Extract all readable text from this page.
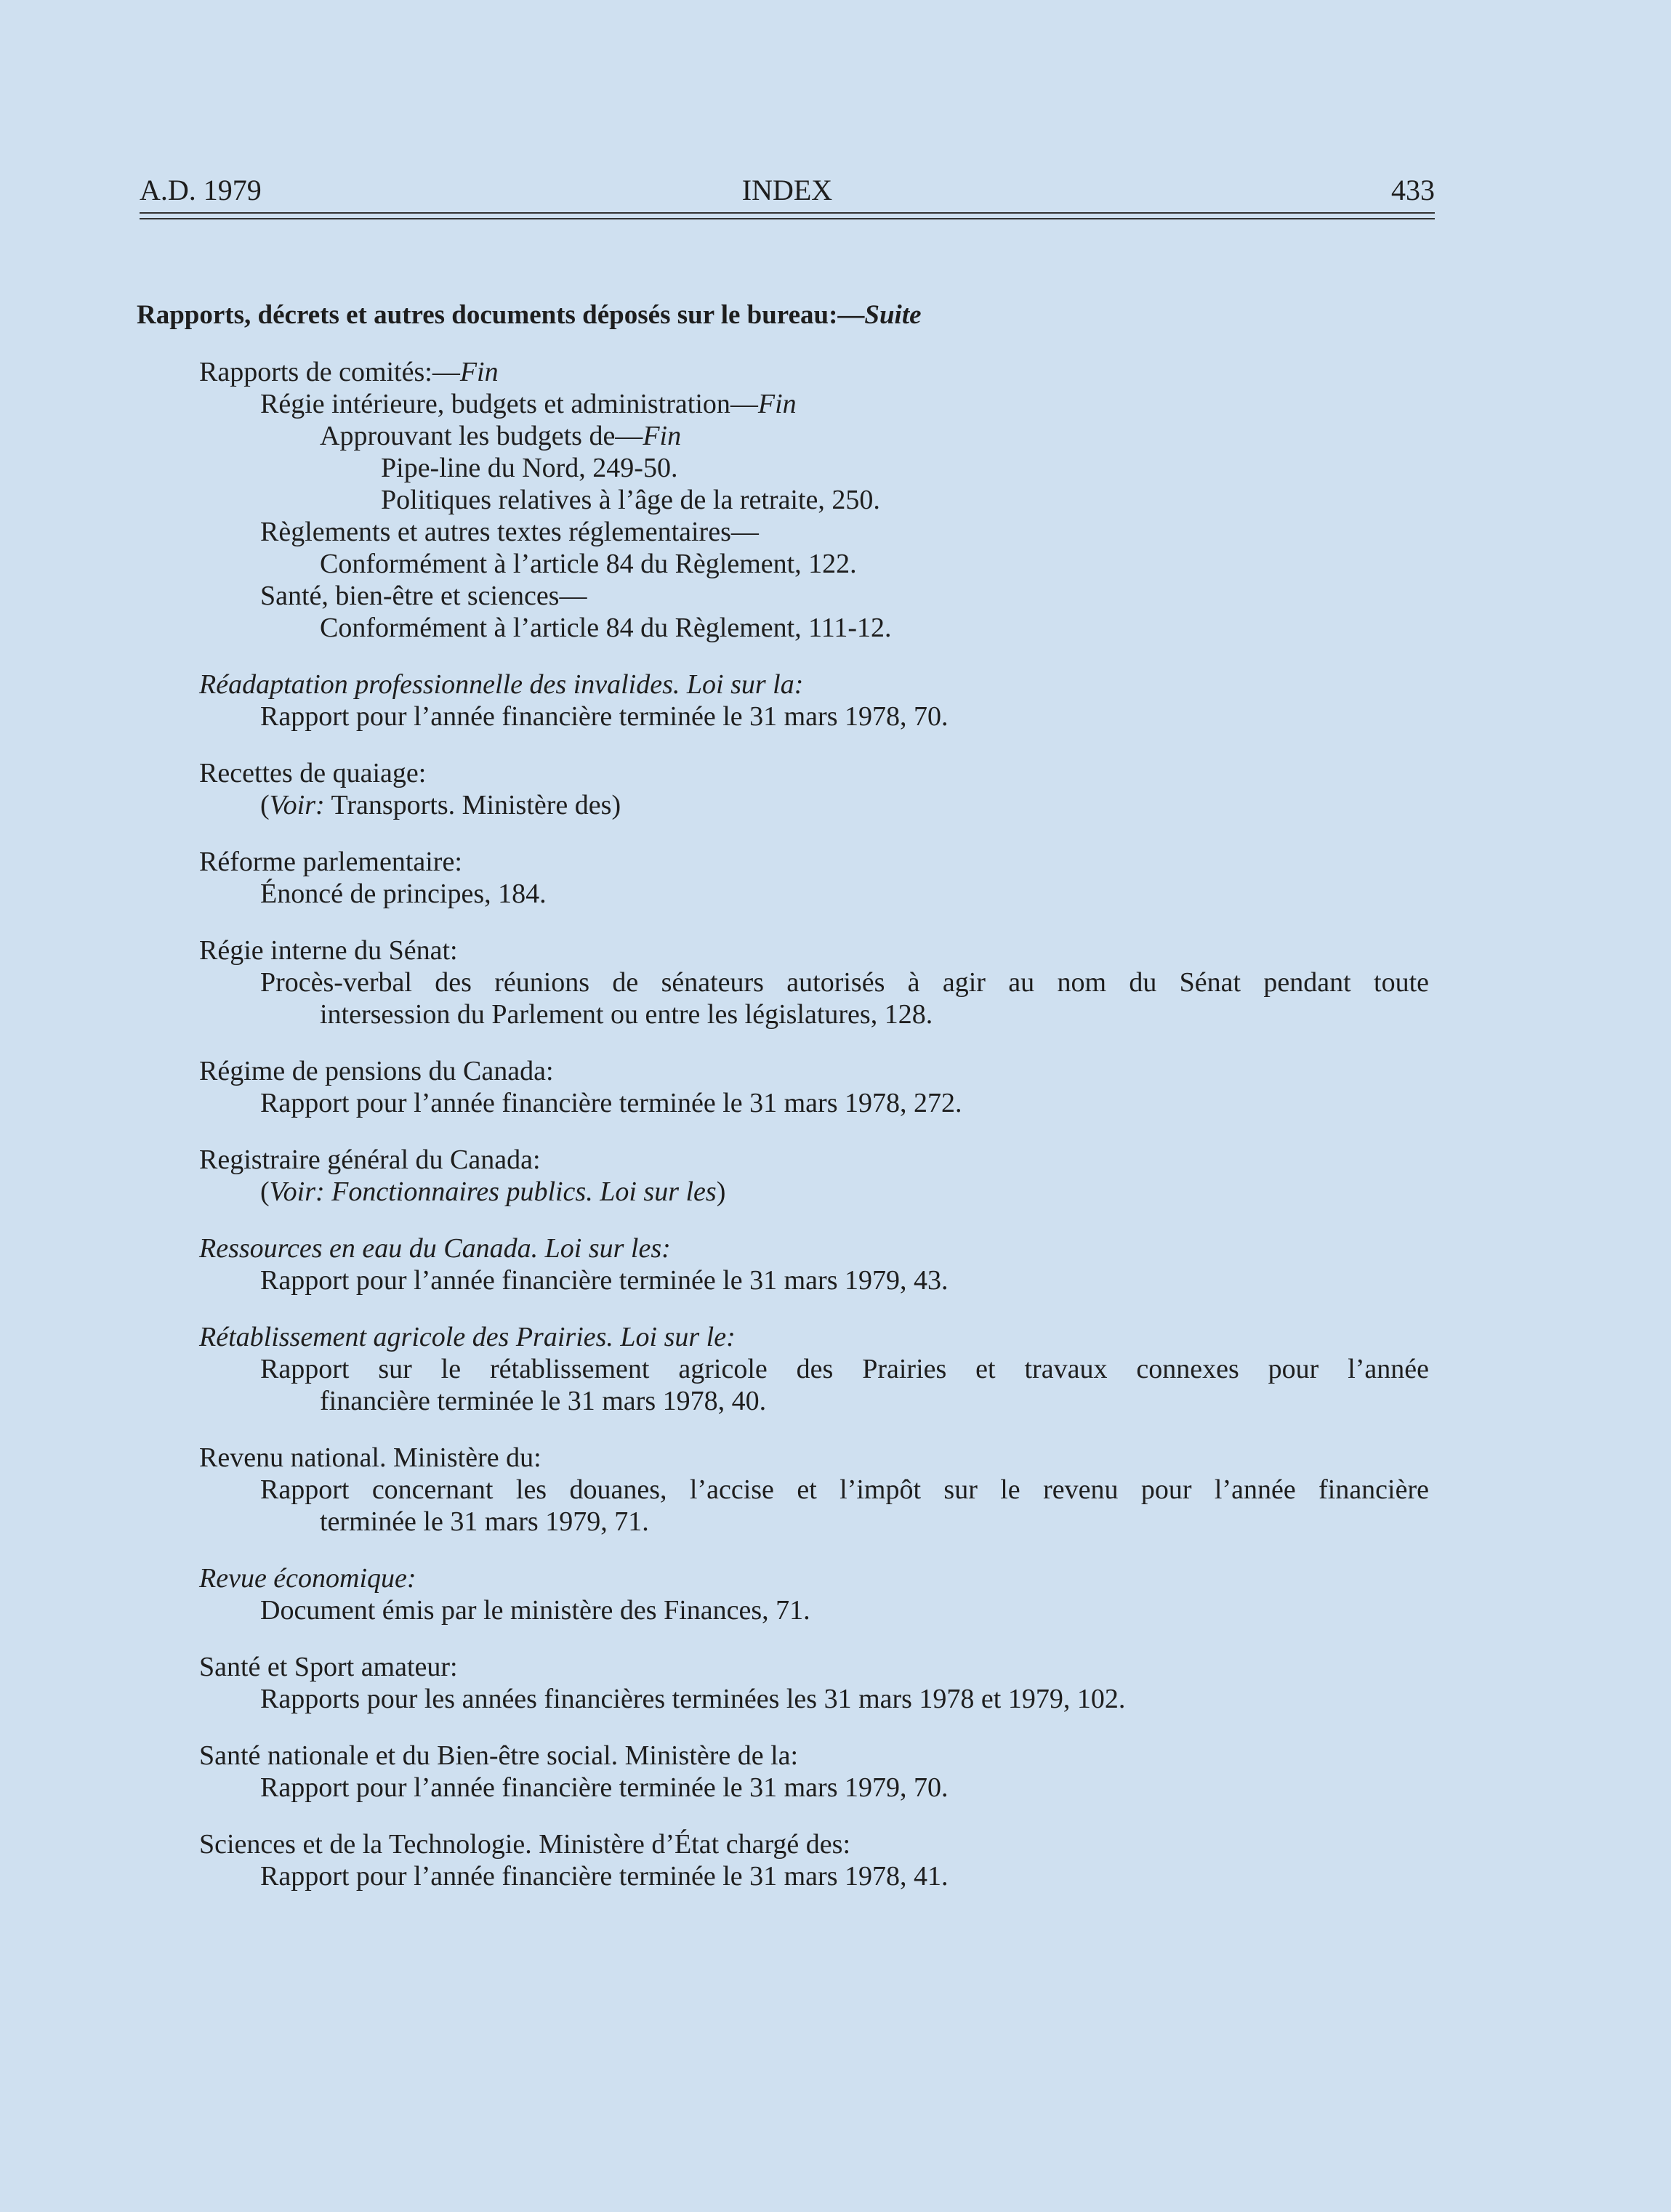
A.D. 1979	INDEX	433
Rapports, décrets et autres documents déposés sur le bureau:—Suite
Rapports de comités:—Fin
Régie intérieure, budgets et administration—Fin
Approuvant les budgets de—Fin
Pipe-line du Nord, 249-50.
Politiques relatives à l’âge de la retraite, 250.
Règlements et autres textes réglementaires—
Conformément à l’article 84 du Règlement, 122.
Santé, bien-être et sciences—
Conformément à l’article 84 du Règlement, 111-12.
Réadaptation professionnelle des invalides. Loi sur la:
Rapport pour l’année financière terminée le 31 mars 1978, 70.
Recettes de quaiage:
(Voir: Transports. Ministère des)
Réforme parlementaire:
Énoncé de principes, 184.
Régie interne du Sénat:
Procès-verbal des réunions de sénateurs autorisés à agir au nom du Sénat pendant toute
intersession du Parlement ou entre les législatures, 128.
Régime de pensions du Canada:
Rapport pour l’année financière terminée le 31 mars 1978, 272.
Registraire général du Canada:
(Voir: Fonctionnaires publics. Loi sur les)
Ressources en eau du Canada. Loi sur les:
Rapport pour l’année financière terminée le 31 mars 1979, 43.
Rétablissement agricole des Prairies. Loi sur le:
Rapport sur le rétablissement agricole des Prairies et travaux connexes pour l’année
financière terminée le 31 mars 1978, 40.
Revenu national. Ministère du:
Rapport concernant les douanes, l’accise et l’impôt sur le revenu pour l’année financière
terminée le 31 mars 1979, 71.
Revue économique:
Document émis par le ministère des Finances, 71.
Santé et Sport amateur:
Rapports pour les années financières terminées les 31 mars 1978 et 1979, 102.
Santé nationale et du Bien-être social. Ministère de la:
Rapport pour l’année financière terminée le 31 mars 1979, 70.
Sciences et de la Technologie. Ministère d’État chargé des:
Rapport pour l’année financière terminée le 31 mars 1978, 41.
